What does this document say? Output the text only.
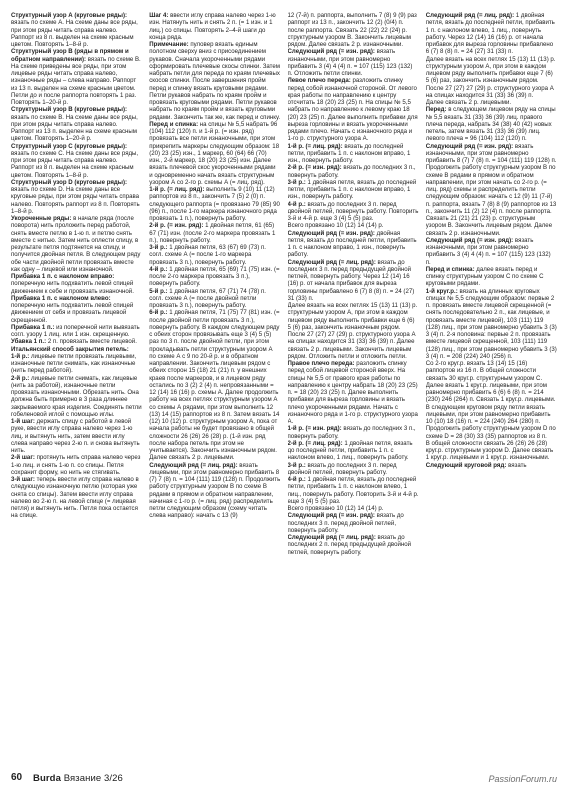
Структурный узор А (круговые ряды): вязать по схеме А. На схеме даны все ряды, при этом ряды читать справа налево. Раппорт из 8 п. выделен на схеме красным цветом. Повторять 1–8-й р.

Структурный узор В (ряды в прямом и обратном направлении): вязать по схеме В. На схеме приведены все ряды, при этом лицевые ряды читать справа налево, изнаночные ряды – слева направо. Раппорт из 13 п. выделен на схеме красным цветом. Петли до и после раппорта повторять 1 раз. Повторять 1–20-й р.

Структурный узор В (круговые ряды): вязать по схеме В. На схеме даны все ряды, при этом ряды читать справа налево. Раппорт из 13 п. выделен на схеме красным цветом. Повторять 1–20-й р.

Структурный узор С (круговые ряды): вязать по схеме С. На схеме даны все ряды, при этом ряды читать справа налево. Раппорт из 8 п. выделен на схеме красным цветом. Повторять 1–8-й р.

Структурный узор D (круговые ряды): вязать по схеме D. На схеме даны все круговые ряды, при этом ряды читать справа налево. Повторять раппорт из 8 п. Повторять 1–8-й р.

Укороченные ряды: в начале ряда (после поворота) нить проложить перед работой, снять вместе петлю в 1-ю п. и петлю снять вместе с нитью. Затем нить оплести спицу, в результате петля подтянется на спицу, и получится двойная петля. В следующем ряду обе части двойной петли провязать вместе как одну – лицевой или изнаночной.

Прибавка 1 п. с наклоном вправо: поперечную нить подхватить левой спицей движением к себе и провязать изнаночной.

Прибавка 1 п. с наклоном влево: поперечную нить подхватить левой спицей движением от себя и провязать лицевой скрещенной.

Прибавка 1 п.: из поперечной нити вывязать согл. узору 1 лиц. или 1 изн. скрещенную.

Убавка 1 п.: 2 п. провязать вместе лицевой.

Итальянский способ закрытия петель:

1-й р.: лицевые петли провязать лицевыми, изнаночные петли снимать, как изнаночные (нить перед работой).

2-й р.: лицевые петли снимать, как лицевые (нить за работой), изнаночные петли провязать изнаночными. Обрезать нить. Она должна быть примерно в 3 раза длиннее закрываемого края изделия. Соединять петли гобеленовой иглой с помощью иглы.

1-й шаг: держать спицу с работой в левой руке, ввести иглу справа налево через 1-ю лиц. и вытянуть нить, затем ввести иглу слева направо через 2-ю п. и снова вытянуть нить.

2-й шаг: протянуть нить справа налево через 1-ю лиц. и снять 1-ю п. со спицы. Петля сохранит форму, но нить не стягивать.

3-й шаг: теперь ввести иглу справа налево в следующую изнаночную петлю (которая уже снята со спицы). Затем ввести иглу справа налево во 2-ю п. на левой спице (= лицевая петля) и вытянуть нить. Петля пока остается на спице.

Шаг 4: ввести иглу справа налево через 1-ю изн. Натянуть нить и снять 2 п. (= 1 изн. и 1 лиц.) со спицы. Повторять 2–4-й шаги до конца ряда.

Примечание: пуловер вязать единым полотном сверху вниз с присоединением рукавов. Сначала укороченными рядами сформировать плечевые скосы спинки. Затем набрать петли для переда по краям плечевых скосов спинки. После завершения пройм перед и спинку вязать круговыми рядами. Петли рукавов набрать по краям пройм и провязать круговыми рядами. Петли рукавов набрать по краям пройм и вязать круговыми рядами. Закончить так же, как перед и спинку.

Перед и спинка: на спицы № 5,5 набрать 96 (104) 112 (120) п. и 1-й р. (= изн. ряд) провязать все петли изнаночными, при этом прикрепить маркеры следующим образом: 18 (20) 23 (25) изн., 1 маркер, 60 (64) 66 (70) изн., 2-й маркер, 18 (20) 23 (25) изн. Далее вязать плечевой скос укороченными рядами и одновременно начать вязать структурным узором А со 2-го р. схемы А (= лиц. ряд).

1-й р. (= лиц. ряд): выполнить 9 (10) 11 (12) раппортов из 8 п., закончить 7 (5) 2 (0) п. следующего раппорта (= провязано 79 (85) 90 (96) п., после 1-го маркера изнаночного ряда провязать 1 п.), повернуть работу.

2-й р. (= изн. ряд): 1 двойная петля, 61 (65) 67 (71) изн. (после 2-го маркера провязать 1 п.), повернуть работу.

3-й р.: 1 двойная петля, 63 (67) 69 (73) п. согл. схеме А (= после 1-го маркера провязать 3 п.), повернуть работу.

4-й р.: 1 двойная петля, 65 (69) 71 (75) изн. (= после 2-го маркера провязать 3 п.), повернуть работу.

5-й р.: 1 двойная петля, 67 (71) 74 (78) п. согл. схеме А (= после двойной петли провязать 3 п.), повернуть работу.

6-й р.: 1 двойная петля, 71 (75) 77 (81) изн. (= после двойной петли провязать 3 п.), повернуть работу. В каждом следующем ряду с обеих сторон провязывать еще 3 (4) 5 (5) раз по 3 п. после двойной петли, при этом прокладывать петли структурным узором А по схеме А с 9 по 20-й р. и в обратном направлении. Закончить лицевым рядом с обеих сторон 15 (18) 21 (21) п. у внешних краев после маркеров, и в лицевом ряду остались по 3 (2) 2 (4) п. непровязанными = 12 (14) 16 (16) р. схемы А. Далее продолжить работу на всех петлях структурным узором А со схемы А рядами, при этом выполнить 12 (13) 14 (15) раппортов из 8 п. Затем вязать 14 (12) 10 (12) р. структурным узором А, пока от начала работы не будет провязано в общей сложности 26 (26) 26 (28) р. (1-й изн. ряд после набора петель при этом не учитывается). Закончить изнаночным рядом. Далее связать 2 р. лицевыми.

Следующий ряд (= лиц. ряд): вязать лицевыми, при этом равномерно прибавить 8 (7) 7 (8) п. = 104 (111) 119 (128) п. Продолжить работу структурным узором В по схеме В рядами в прямом и обратном направлении, начиная с 1-го р. (= лиц. ряд) распределить петли следующим образом (схему читать слева направо): начать с 13 (9)

12 (7-й) п. раппорта, выполнить 7 (8) 9 (9) раз раппорт из 13 п., закончить 12 (2) (0/4) п. после раппорта. Связать 22 (22) 22 (24) р. структурным узором В. Закончить лицевым рядом. Далее связать 2 р. изнаночными.

Следующий ряд (= изн. ряд): вязать изнаночными, при этом равномерно прибавить 3 (4) 4 (4) п. = 107 (115) 123 (132) п. Отложить петли спинки.

Левое плечо переда: разложить спинку перед собой изнаночной стороной. От левого края работы по направлению к центру отсчитать 18 (20) 23 (25) п. На спицы № 5,5 набрать по направлению к левому краю 18 (20) 23 (25) п. Далее выполнить прибавки для выреза горловины и вязать укороченными рядами плечо. Начать с изнаночного ряда и 1-го р. структурного узора А.

1-й р. (= лиц. ряд): вязать до последней петли, прибавить 1 п. с наклоном вправо, 1 изн., повернуть работу.

2-й р. (= изн. ряд): вязать до последних 3 п., повернуть работу.

3-й р.: 1 двойная петля, вязать до последней петли, прибавить 1 п. с наклоном вправо, 1 изн., повернуть работу.

4-й р.: вязать до последних 3 п. перед двойной петлей, повернуть работу. Повторить 3-й и 4-й р. еще 3 (4) 5 (5) раз.

Всего провязано 10 (12) 14 (14) р.

Следующий ряд (= изн. ряд): двойная петля, вязать до последней петли, прибавить 1 п. с наклоном вправо, 1 изн., повернуть работу.

Следующий ряд (= лиц. ряд): вязать до последних 3 п. перед предыдущей двойной петлей, повернуть работу. Через 12 (14) 16 (16) р. от начала прибавок для выреза горловины прибавлено 6 (7) 8 (8) п. = 24 (27) 31 (33) п.

Далее вязать на всех петлях 15 (13) 11 (13) р. структурным узором А, при этом в каждом лицевом ряду выполнить прибавки еще 6 (6) 5 (6) раз, закончить изнаночным рядом. После 27 (27) 27 (29) р. структурного узора А на спицах находится 31 (33) 36 (39) п. Далее связать 2 р. лицевыми. Закончить лицевым рядом. Отложить петли и отложить петли.

Правое плечо переда: разложить спинку перед собой лицевой стороной вверх. На спицы № 5,5 от правого края работы по направлению к центру набрать 18 (20) 23 (25) п. = 18 (20) 23 (25) п. Далее выполнить прибавки для выреза горловины и вязать плечо укороченными рядами. Начать с изнаночного ряда и 1-го р. структурного узора А.

1-й р. (= изн. ряд): вязать до последних 3 п., повернуть работу.

2-й р. (= лиц. ряд): 1 двойная петля, вязать до последней петли, прибавить 1 п. с наклоном влево, 1 лиц., повернуть работу.

3-й р.: вязать до последних 3 п. перед двойной петлей, повернуть работу.

4-й р.: 1 двойная петля, вязать до последней петли, прибавить 1 п. с наклоном влево, 1 лиц., повернуть работу. Повторить 3-й и 4-й р. еще 3 (4) 5 (5) раз.

Всего провязано 10 (12) 14 (14) р.

Следующий ряд (= изн. ряд): вязать до последних 3 п. перед двойной петлей, повернуть работу.

Следующий ряд (= лиц. ряд): вязать до последних 2 п. перед предыдущей двойной петлей, повернуть работу.

Следующий ряд (= лиц. ряд): 1 двойная петля, вязать до последней петли, прибавить 1 п. с наклоном влево, 1 лиц., повернуть работу. Через 12 (14) 16 (16) р. от начала прибавок для выреза горловины прибавлено 6 (7) 8 (8) п. = 24 (27) 31 (33) п.

Далее вязать на всех петлях 15 (13) 11 (13) р. структурным узором А, при этом в каждом лицевом ряду выполнить прибавки еще 7 (6) 5 (6) раз, закончить изнаночным рядом. После 27 (27) 27 (29) р. структурного узора А на спицах находится 31 (33) 36 (39) п.

Далее связать 2 р. лицевыми.

Перед: в следующем лицевом ряду на спицы № 5,5 вязать 31 (33) 36 (39) лиц. правого плеча переда, набрать 34 (38) 40 (42) новых петель, затем вязать 31 (33) 36 (39) лиц. левого плеча = 96 (104) 112 (120) п.

Следующий ряд (= изн. ряд): вязать изнаночными, при этом равномерно прибавить 8 (7) 7 (8) п. = 104 (111) 119 (128) п.

Продолжить работу структурным узором В по схеме В рядами в прямом и обратном направлении, при этом начать со 2-го р. (= лиц. ряд) схемы и распределить петли следующим образом: начать с 12 (9) 11 (7-й) п. раппорта, вязать 7 (8) 8 (9) раппортов из 13 п., закончить 11 (2) 12 (4) п. после раппорта. Связать 21 (21) 21 (23) р. структурным узором В. Закончить лицевым рядом. Далее связать 2 р. изнаночными.

Следующий ряд (= изн. ряд): вязать изнаночными, при этом равномерно прибавить 3 (4) 4 (4) п. = 107 (115) 123 (132) п.

Перед и спинка: далее вязать перед и спинку структурным узором С по схеме С круговыми рядами.

1-й круг.р.: вязать на длинных круговых спицах № 5,5 следующим образом: первые 2 п. провязать вместе лицевой скрещенной (= снять последовательно 2 п., как лицевые, и провязать вместе лицевой), 103 (111) 119 (128) лиц., при этом равномерно убавить 3 (3) 3 (4) п. 2-я половина: первые 2 п. провязать вместе лицевой скрещенной, 103 (111) 119 (128) лиц., при этом равномерно убавить 3 (3) 3 (4) п. = 208 (224) 240 (256) п.

Со 2-го круг.р. вязать 13 (14) 15 (16) раппортов из 16 п. В общей сложности связать 30 круг.р. структурным узором С.

Далее вязать 1 круг.р. лицевыми, при этом равномерно прибавить 6 (6) 6 (8) п. = 214 (230) 246 (264) п. Связать 1 круг.р. лицевыми. В следующем круговом ряду петли вязать лицевыми, при этом равномерно прибавить 10 (10) 18 (16) п. = 224 (240) 264 (280) п.

Продолжить работу структурным узором D по схеме D = 28 (30) 33 (35) раппортов из 8 п.

В общей сложности связать 26 (26) 26 (28) круг.р. структурным узором D. Далее связать 1 круг.р. лицевыми и 1 круг.р. изнаночными.

Следующий круговой ряд: вязать

60 Burda Вязание 3/26	PassionForum.ru
